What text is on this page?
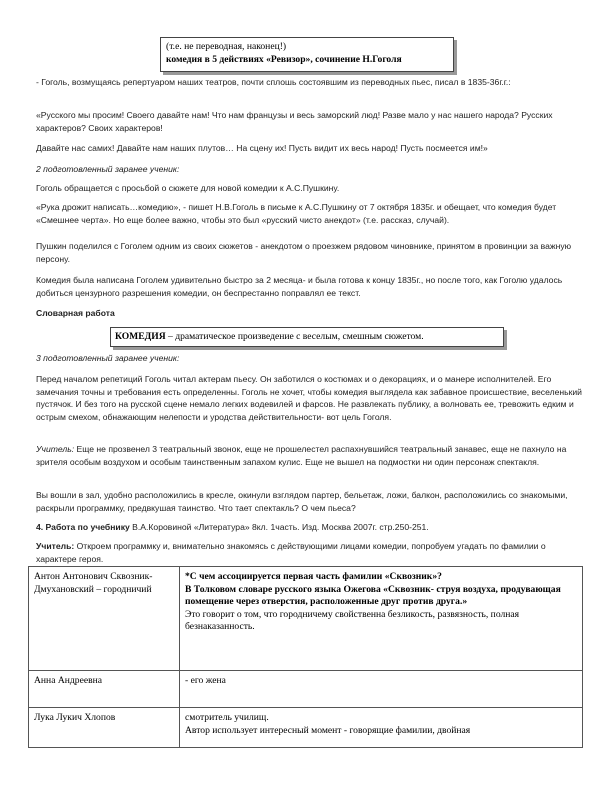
(т.е. не переводная, наконец!)
комедия в 5 действиях «Ревизор», сочинение Н.Гоголя

- Гоголь, возмущаясь репертуаром наших театров, почти сплошь состоявшим из переводных пьес, писал в 1835-36г.г.:

«Русского мы просим! Своего давайте нам! Что нам французы и весь заморский люд! Разве мало у нас нашего народа? Русских характеров? Своих характеров!

Давайте нас самих! Давайте нам наших плутов… На сцену их! Пусть видит их весь народ! Пусть посмеется им!»

2 подготовленный заранее ученик:

Гоголь обращается с просьбой о сюжете для новой комедии к А.С.Пушкину.

«Рука дрожит написать…комедию», - пишет Н.В.Гоголь в письме к А.С.Пушкину от 7 октября 1835г. и обещает, что комедия будет «Смешнее черта». Но еще более важно, чтобы это был «русский чисто анекдот» (т.е. рассказ, случай).

Пушкин поделился с Гоголем одним из своих сюжетов - анекдотом о проезжем рядовом чиновнике, принятом в провинции за важную персону.

Комедия была написана Гоголем удивительно быстро за 2 месяца- и была готова к концу 1835г., но после того, как Гоголю удалось добиться цензурного разрешения комедии, он беспрестанно поправлял ее текст.

Словарная работа

КОМЕДИЯ – драматическое произведение с веселым, смешным сюжетом.

3 подготовленный заранее ученик:

Перед началом репетиций Гоголь читал актерам пьесу. Он заботился о костюмах и о декорациях, и о манере исполнителей. Его замечания точны и требования есть определенны. Гоголь не хочет, чтобы комедия выглядела как забавное происшествие, веселенький пустячок. И без того на русской сцене немало легких водевилей и фарсов. Не развлекать публику, а волновать ее, тревожить едким и острым смехом, обнажающим нелепости и уродства действительности- вот цель Гоголя.

Учитель: Еще не прозвенел 3 театральный звонок, еще не прошелестел распахнувшийся театральный занавес, еще не пахнуло на зрителя особым воздухом и особым таинственным запахом кулис. Еще не вышел на подмостки ни один персонаж спектакля.

Вы вошли в зал, удобно расположились в кресле, окинули взглядом партер, бельетаж, ложи, балкон, расположились со знакомыми, раскрыли программку, предвкушая таинство. Что тает спектакль? О чем пьеса?

4. Работа по учебнику В.А.Коровиной «Литература» 8кл. 1часть. Изд. Москва 2007г. стр.250-251.

Учитель: Откроем программку и, внимательно знакомясь с действующими лицами комедии, попробуем угадать по фамилии о характере героя.

Антон Антонович Сквозник-Дмухановский – городничий	*С чем ассоциируется первая часть фамилии «Сквозник»?
В Толковом словаре русского языка Ожегова «Сквозник- струя воздуха, продувающая помещение через отверстия, расположенные друг против друга.»
Это говорит о том, что городничему свойственна безликость, развязность, полная безнаказанность.

Анна Андреевна	- его жена
Лука Лукич Хлопов	смотритель училищ.
Автор использует интересный момент - говорящие фамилии, двойная
